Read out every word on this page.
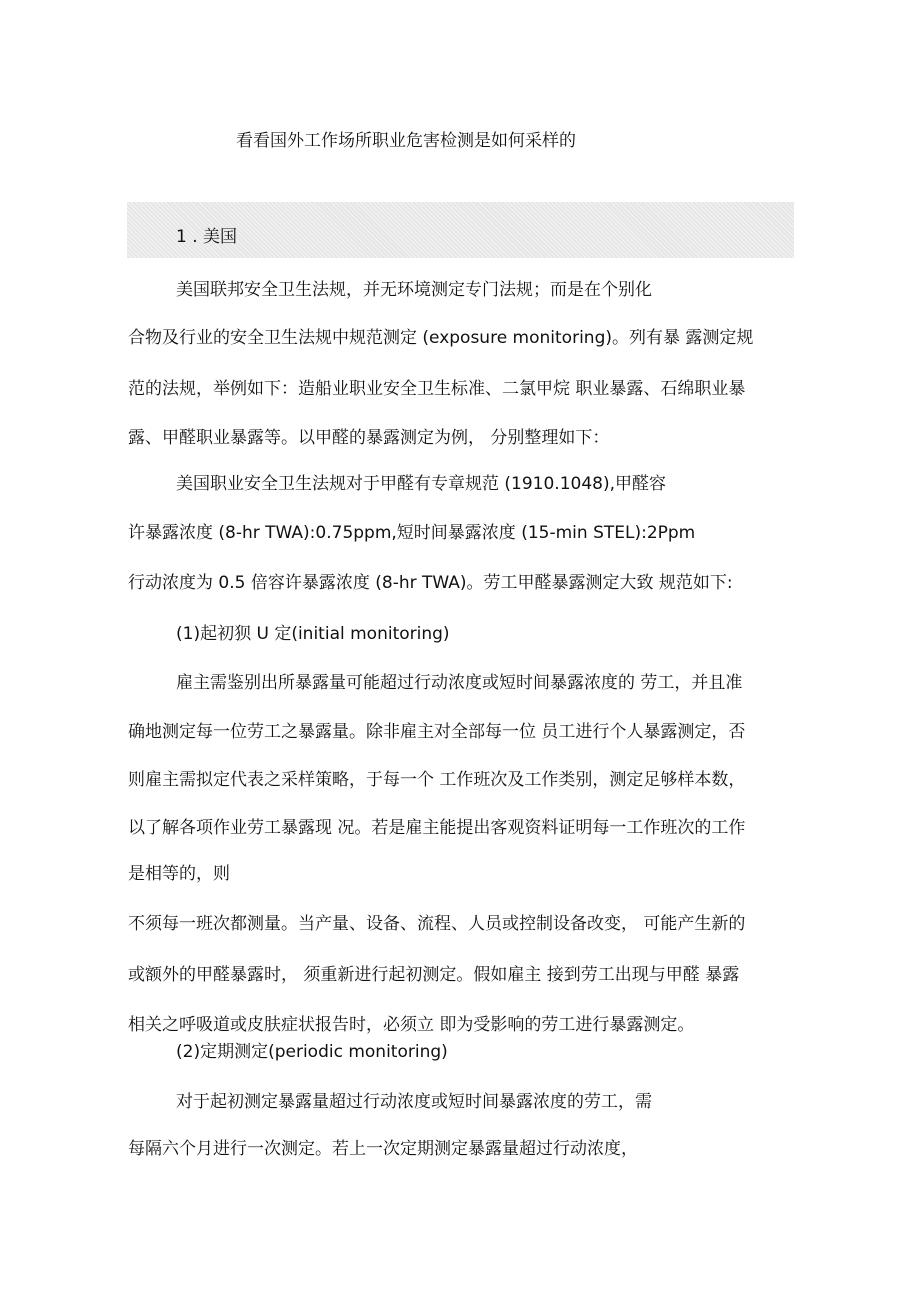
看看国外工作场所职业危害检测是如何采样的
1 . 美国
美国联邦安全卫生法规，并无环境测定专门法规；而是在个别化
合物及行业的安全卫生法规中规范测定 (exposure monitoring)。列有暴 露测定规
范的法规，举例如下：造船业职业安全卫生标准、二氯甲烷 职业暴露、石绵职业暴
露、甲醛职业暴露等。以甲醛的暴露测定为例， 分别整理如下：
美国职业安全卫生法规对于甲醛有专章规范 (1910.1048),甲醛容
许暴露浓度 (8-hr TWA):0.75ppm,短时间暴露浓度 (15-min STEL):2Ppm
行动浓度为 0.5 倍容许暴露浓度 (8-hr TWA)。劳工甲醛暴露测定大致 规范如下:
(1)起初狈 U 定(initial monitoring)
雇主需鉴别出所暴露量可能超过行动浓度或短时间暴露浓度的 劳工，并且准
确地测定每一位劳工之暴露量。除非雇主对全部每一位 员工进行个人暴露测定，否
则雇主需拟定代表之采样策略，于每一个 工作班次及工作类别，测定足够样本数，
以了解各项作业劳工暴露现 况。若是雇主能提出客观资料证明每一工作班次的工作
是相等的，则
不须每一班次都测量。当产量、设备、流程、人员或控制设备改变， 可能产生新的
或额外的甲醛暴露时， 须重新进行起初测定。假如雇主 接到劳工出现与甲醛 暴露
相关之呼吸道或皮肤症状报告时，必须立 即为受影响的劳工进行暴露测定。
(2)定期测定(periodic monitoring)
对于起初测定暴露量超过行动浓度或短时间暴露浓度的劳工，需
每隔六个月进行一次测定。若上一次定期测定暴露量超过行动浓度，
